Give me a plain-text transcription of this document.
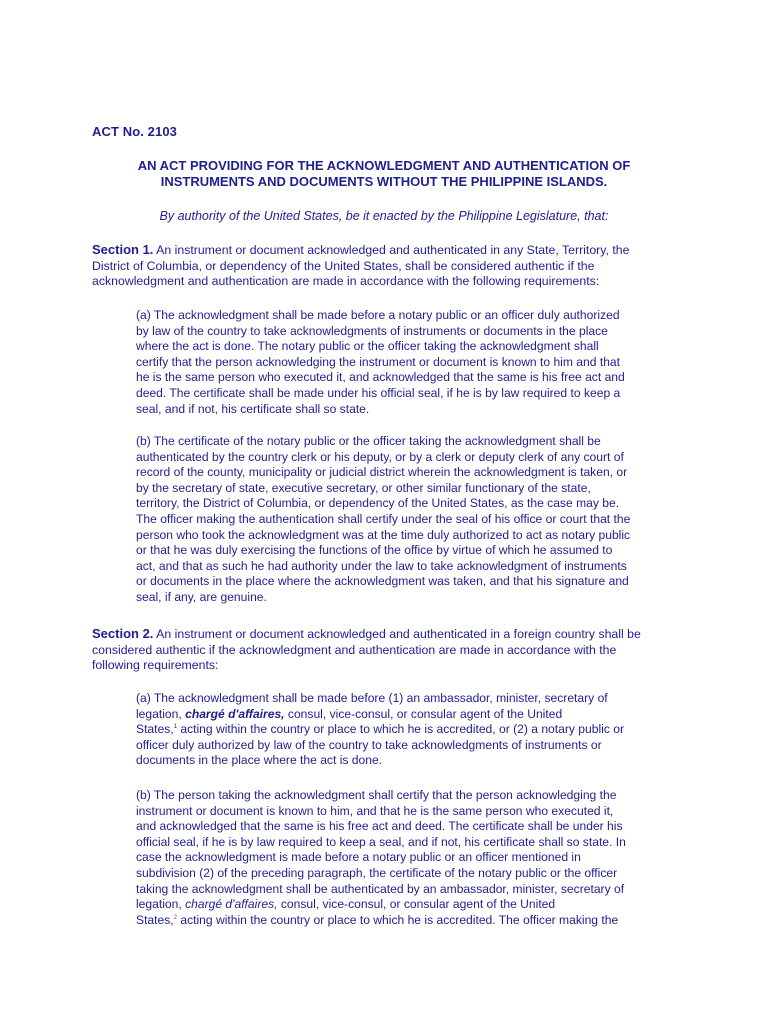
ACT No. 2103

AN ACT PROVIDING FOR THE ACKNOWLEDGMENT AND AUTHENTICATION OF
INSTRUMENTS AND DOCUMENTS WITHOUT THE PHILIPPINE ISLANDS.

By authority of the United States, be it enacted by the Philippine Legislature, that:

Section 1. An instrument or document acknowledged and authenticated in any State, Territory, the
District of Columbia, or dependency of the United States, shall be considered authentic if the
acknowledgment and authentication are made in accordance with the following requirements:
(a) The acknowledgment shall be made before a notary public or an officer duly authorized
by law of the country to take acknowledgments of instruments or documents in the place
where the act is done. The notary public or the officer taking the acknowledgment shall
certify that the person acknowledging the instrument or document is known to him and that
he is the same person who executed it, and acknowledged that the same is his free act and
deed. The certificate shall be made under his official seal, if he is by law required to keep a
seal, and if not, his certificate shall so state.
(b) The certificate of the notary public or the officer taking the acknowledgment shall be
authenticated by the country clerk or his deputy, or by a clerk or deputy clerk of any court of
record of the county, municipality or judicial district wherein the acknowledgment is taken, or
by the secretary of state, executive secretary, or other similar functionary of the state,
territory, the District of Columbia, or dependency of the United States, as the case may be.
The officer making the authentication shall certify under the seal of his office or court that the
person who took the acknowledgment was at the time duly authorized to act as notary public
or that he was duly exercising the functions of the office by virtue of which he assumed to
act, and that as such he had authority under the law to take acknowledgment of instruments
or documents in the place where the acknowledgment was taken, and that his signature and
seal, if any, are genuine.
Section 2. An instrument or document acknowledged and authenticated in a foreign country shall be
considered authentic if the acknowledgment and authentication are made in accordance with the
following requirements:
(a) The acknowledgment shall be made before (1) an ambassador, minister, secretary of
legation, chargé d'affaires, consul, vice-consul, or consular agent of the United
States,$^1$ acting within the country or place to which he is accredited, or (2) a notary public or
officer duly authorized by law of the country to take acknowledgments of instruments or
documents in the place where the act is done.
(b) The person taking the acknowledgment shall certify that the person acknowledging the
instrument or document is known to him, and that he is the same person who executed it,
and acknowledged that the same is his free act and deed. The certificate shall be under his
official seal, if he is by law required to keep a seal, and if not, his certificate shall so state. In
case the acknowledgment is made before a notary public or an officer mentioned in
subdivision (2) of the preceding paragraph, the certificate of the notary public or the officer
taking the acknowledgment shall be authenticated by an ambassador, minister, secretary of
legation, chargé d'affaires, consul, vice-consul, or consular agent of the United
States,$^2$ acting within the country or place to which he is accredited. The officer making the
